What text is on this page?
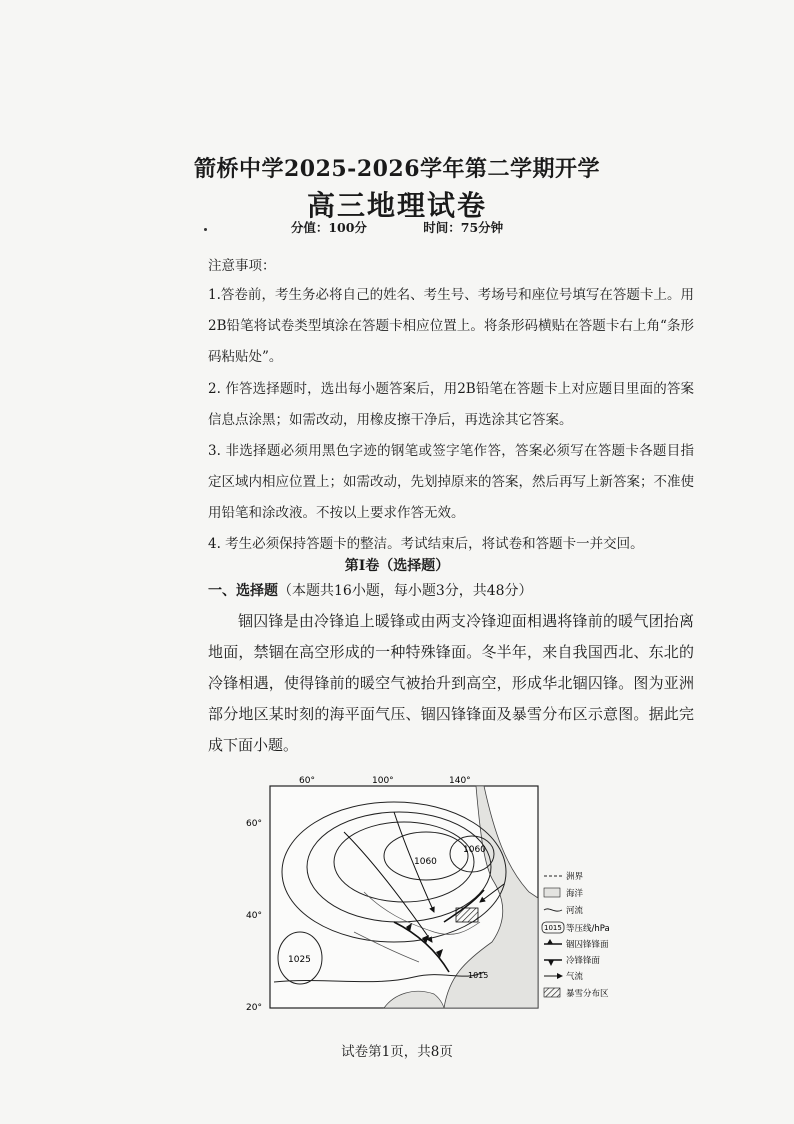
箭桥中学2025-2026学年第二学期开学
高三地理试卷
分值：100分	时间：75分钟
注意事项：
1.答卷前，考生务必将自己的姓名、考生号、考场号和座位号填写在答题卡上。用2B铅笔将试卷类型填涂在答题卡相应位置上。将条形码横贴在答题卡右上角“条形码粘贴处”。
2. 作答选择题时，选出每小题答案后，用2B铅笔在答题卡上对应题目里面的答案信息点涂黑；如需改动，用橡皮擦干净后，再选涂其它答案。
3. 非选择题必须用黑色字迹的钢笔或签字笔作答，答案必须写在答题卡各题目指定区域内相应位置上；如需改动，先划掉原来的答案，然后再写上新答案；不准使用铅笔和涂改液。不按以上要求作答无效。
4. 考生必须保持答题卡的整洁。考试结束后，将试卷和答题卡一并交回。
第Ⅰ卷（选择题）
一、选择题（本题共16小题，每小题3分，共48分）
锢囚锋是由冷锋追上暖锋或由两支冷锋迎面相遇将锋前的暖气团抬离地面，禁锢在高空形成的一种特殊锋面。冬半年，来自我国西北、东北的冷锋相遇，使得锋前的暖空气被抬升到高空，形成华北锢囚锋。图为亚洲部分地区某时刻的海平面气压、锢囚锋锋面及暴雪分布区示意图。据此完成下面小题。
60°	100°	140°
60°
40°
20°
1060
1060
1025
1015
洲界
海洋
河流
1015 等压线/hPa
锢囚锋锋面
冷锋锋面
气流
暴雪分布区
试卷第1页，共8页
